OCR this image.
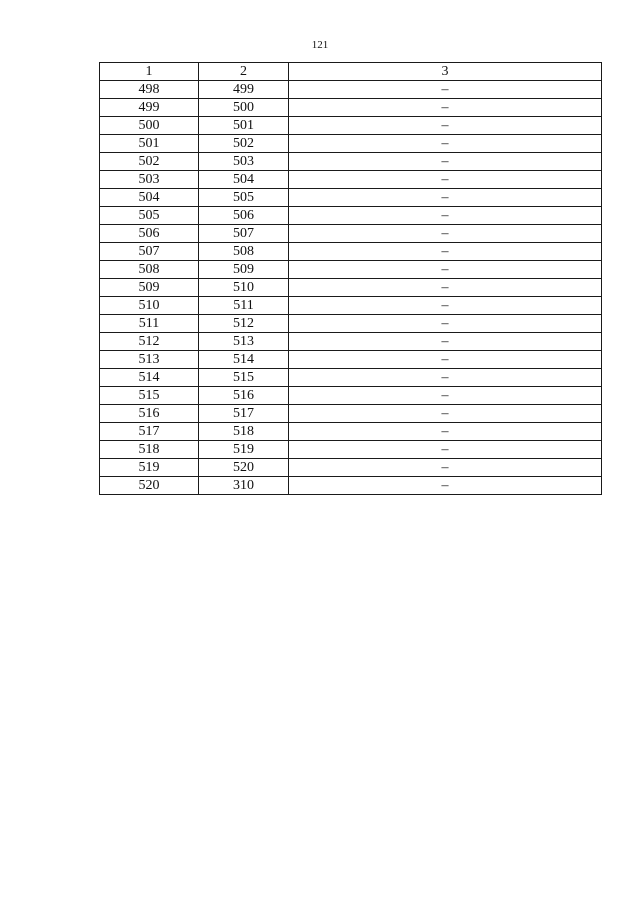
121
1	2	3
498	499	–
499	500	–
500	501	–
501	502	–
502	503	–
503	504	–
504	505	–
505	506	–
506	507	–
507	508	–
508	509	–
509	510	–
510	511	–
511	512	–
512	513	–
513	514	–
514	515	–
515	516	–
516	517	–
517	518	–
518	519	–
519	520	–
520	310	–
